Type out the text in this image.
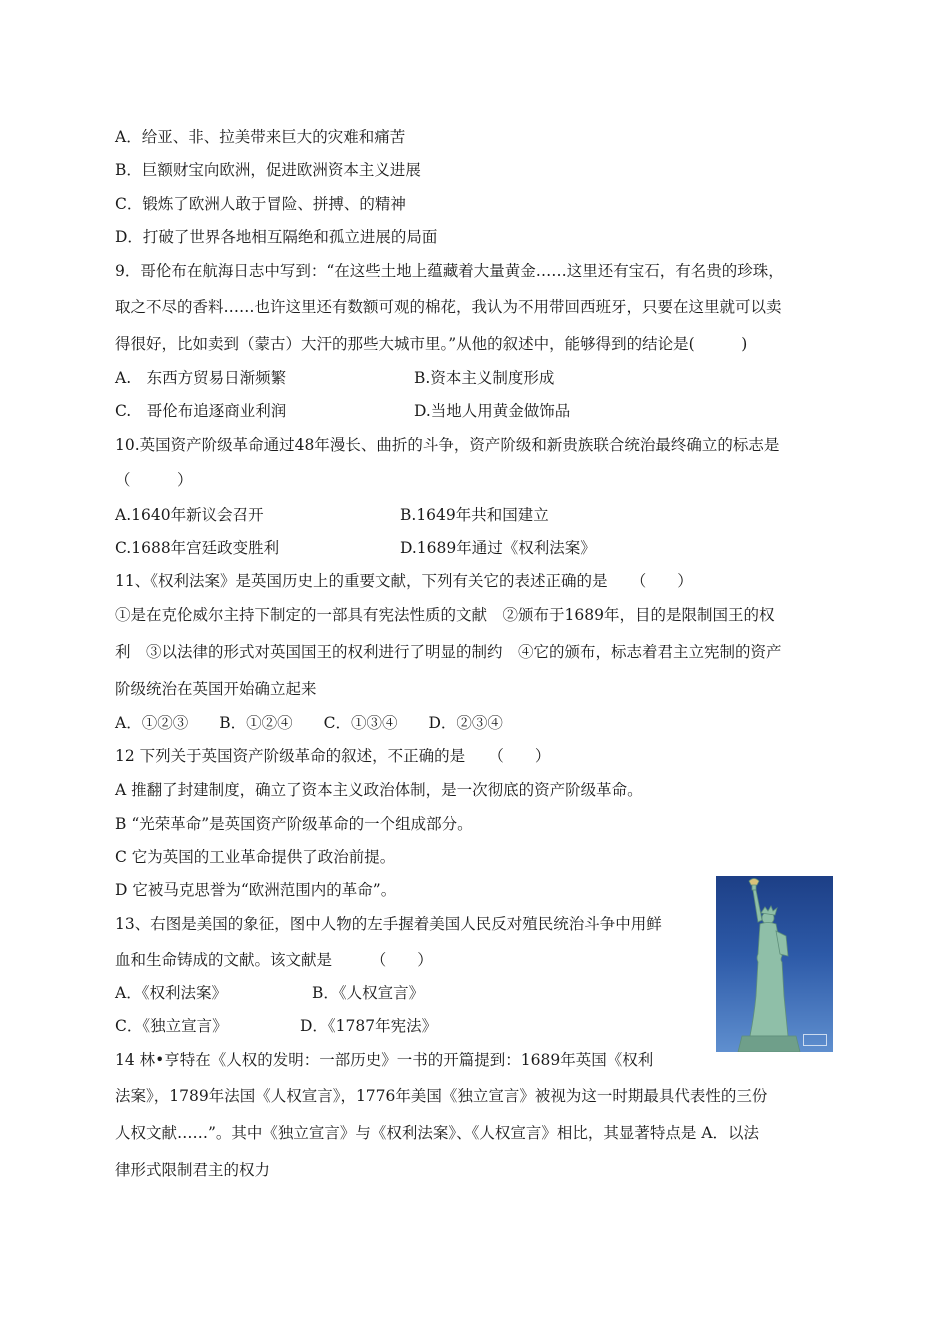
A．给亚、非、拉美带来巨大的灾难和痛苦
B．巨额财宝向欧洲，促进欧洲资本主义进展
C．锻炼了欧洲人敢于冒险、拼搏、的精神
D．打破了世界各地相互隔绝和孤立进展的局面
9．哥伦布在航海日志中写到：“在这些土地上蕴藏着大量黄金……这里还有宝石，有名贵的珍珠，
取之不尽的香料……也许这里还有数额可观的棉花，我认为不用带回西班牙，只要在这里就可以卖
得很好，比如卖到（蒙古）大汗的那些大城市里。”从他的叙述中，能够得到的结论是(　　　)
A.　东西方贸易日渐频繁	B.资本主义制度形成
C.　哥伦布追逐商业利润	D.当地人用黄金做饰品
10.英国资产阶级革命通过48年漫长、曲折的斗争，资产阶级和新贵族联合统治最终确立的标志是
（　　　）
A.1640年新议会召开	B.1649年共和国建立
C.1688年宫廷政变胜利	D.1689年通过《权利法案》
11、《权利法案》是英国历史上的重要文献，下列有关它的表述正确的是　　（　　）
①是在克伦威尔主持下制定的一部具有宪法性质的文献　②颁布于1689年，目的是限制国王的权
利　③以法律的形式对英国国王的权利进行了明显的制约　④它的颁布，标志着君主立宪制的资产
阶级统治在英国开始确立起来
A．①②③　　B．①②④　　C．①③④　　D．②③④
12 下列关于英国资产阶级革命的叙述，不正确的是　　（　　）
A 推翻了封建制度，确立了资本主义政治体制，是一次彻底的资产阶级革命。
B “光荣革命”是英国资产阶级革命的一个组成部分。
C 它为英国的工业革命提供了政治前提。
D 它被马克思誉为“欧洲范围内的革命”。
13、右图是美国的象征，图中人物的左手握着美国人民反对殖民统治斗争中用鲜
血和生命铸成的文献。该文献是　　　（　　）
A．《权利法案》	B．《人权宣言》
C．《独立宣言》	D．《1787年宪法》
14 林•亨特在《人权的发明：一部历史》一书的开篇提到：1689年英国《权利
法案》，1789年法国《人权宣言》，1776年美国《独立宣言》被视为这一时期最具代表性的三份
人权文献……”。其中《独立宣言》与《权利法案》、《人权宣言》相比，其显著特点是 A．以法
律形式限制君主的权力
